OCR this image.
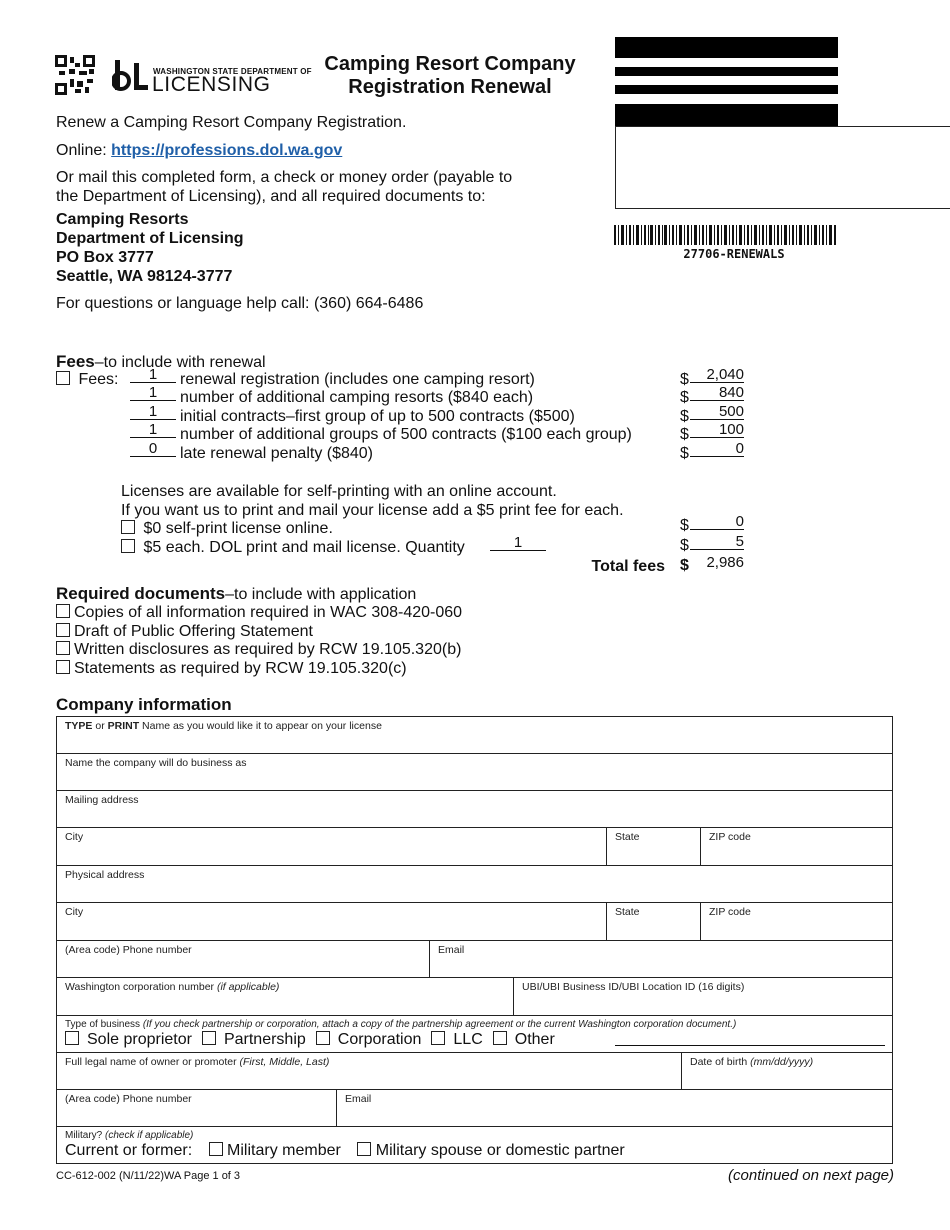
WASHINGTON STATE DEPARTMENT OF
LICENSING
Camping Resort Company
Registration Renewal
27706-RENEWALS
Renew a Camping Resort Company Registration.
Online: https://professions.dol.wa.gov
Or mail this completed form, a check or money order (payable to
the Department of Licensing), and all required documents to:
Camping Resorts
Department of Licensing
PO Box 3777
Seattle, WA 98124-3777
For questions or language help call: (360) 664-6486
Fees–to include with renewal
Fees:	1	renewal registration (includes one camping resort)	$	2,040
1	number of additional camping resorts ($840 each)	$	840
1	initial contracts–first group of up to 500 contracts ($500)	$	500
1	number of additional groups of 500 contracts ($100 each group)	$	100
0	late renewal penalty ($840)	$	0
Licenses are available for self-printing with an online account.
If you want us to print and mail your license add a $5 print fee for each.
$0 self-print license online.	$	0
$5 each. DOL print and mail license. Quantity	1	$	5
Total fees $	2,986
Required documents–to include with application
Copies of all information required in WAC 308-420-060
Draft of Public Offering Statement
Written disclosures as required by RCW 19.105.320(b)
Statements as required by RCW 19.105.320(c)
Company information
TYPE or PRINT Name as you would like it to appear on your license
Name the company will do business as
Mailing address
City	State	ZIP code
Physical address
City	State	ZIP code
(Area code) Phone number	Email
Washington corporation number (if applicable)	UBI/UBI Business ID/UBI Location ID (16 digits)
Type of business (If you check partnership or corporation, attach a copy of the partnership agreement or the current Washington corporation document.)
Sole proprietor Partnership Corporation LLC Other
Full legal name of owner or promoter (First, Middle, Last)	Date of birth (mm/dd/yyyy)
(Area code) Phone number	Email
Military? (check if applicable)
Current or former: Military member Military spouse or domestic partner
CC-612-002 (N/11/22)WA Page 1 of 3	(continued on next page)
